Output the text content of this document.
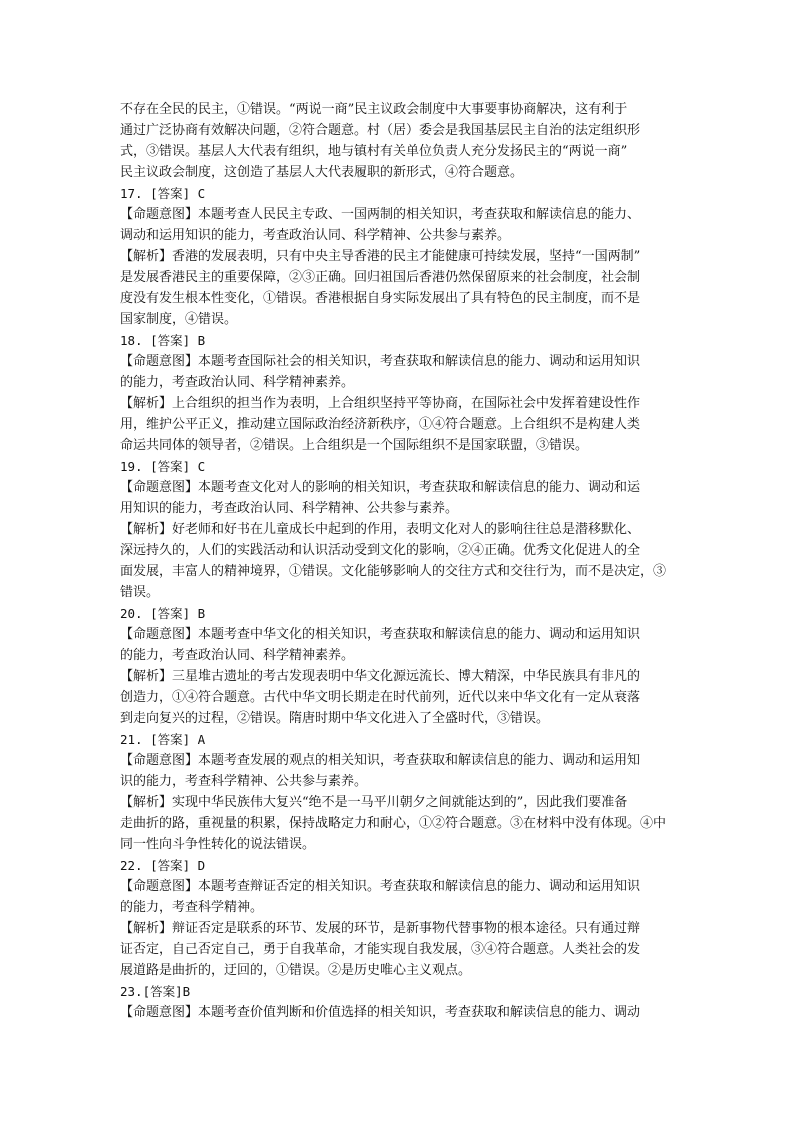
不存在全民的民主，①错误。“两说一商”民主议政会制度中大事要事协商解决，这有利于
通过广泛协商有效解决问题，②符合题意。村（居）委会是我国基层民主自治的法定组织形
式，③错误。基层人大代表有组织，地与镇村有关单位负责人充分发扬民主的“两说一商”
民主议政会制度，这创造了基层人大代表履职的新形式，④符合题意。
17. [答案] C
【命题意图】本题考查人民民主专政、一国两制的相关知识，考查获取和解读信息的能力、
调动和运用知识的能力，考查政治认同、科学精神、公共参与素养。
【解析】香港的发展表明，只有中央主导香港的民主才能健康可持续发展，坚持“一国两制”
是发展香港民主的重要保障，②③正确。回归祖国后香港仍然保留原来的社会制度，社会制
度没有发生根本性变化，①错误。香港根据自身实际发展出了具有特色的民主制度，而不是
国家制度，④错误。
18. [答案] B
【命题意图】本题考查国际社会的相关知识，考查获取和解读信息的能力、调动和运用知识
的能力，考查政治认同、科学精神素养。
【解析】上合组织的担当作为表明，上合组织坚持平等协商，在国际社会中发挥着建设性作
用，维护公平正义，推动建立国际政治经济新秩序，①④符合题意。上合组织不是构建人类
命运共同体的领导者，②错误。上合组织是一个国际组织不是国家联盟，③错误。
19. [答案] C
【命题意图】本题考查文化对人的影响的相关知识，考查获取和解读信息的能力、调动和运
用知识的能力，考查政治认同、科学精神、公共参与素养。
【解析】好老师和好书在儿童成长中起到的作用，表明文化对人的影响往往总是潜移默化、
深远持久的，人们的实践活动和认识活动受到文化的影响，②④正确。优秀文化促进人的全
面发展，丰富人的精神境界，①错误。文化能够影响人的交往方式和交往行为，而不是决定，③
错误。
20. [答案] B
【命题意图】本题考查中华文化的相关知识，考查获取和解读信息的能力、调动和运用知识
的能力，考查政治认同、科学精神素养。
【解析】三星堆古遗址的考古发现表明中华文化源远流长、博大精深，中华民族具有非凡的
创造力，①④符合题意。古代中华文明长期走在时代前列，近代以来中华文化有一定从衰落
到走向复兴的过程，②错误。隋唐时期中华文化进入了全盛时代，③错误。
21. [答案] A
【命题意图】本题考查发展的观点的相关知识，考查获取和解读信息的能力、调动和运用知
识的能力，考查科学精神、公共参与素养。
【解析】实现中华民族伟大复兴“绝不是一马平川朝夕之间就能达到的”，因此我们要准备
走曲折的路，重视量的积累，保持战略定力和耐心，①②符合题意。③在材料中没有体现。④中
同一性向斗争性转化的说法错误。
22. [答案] D
【命题意图】本题考查辩证否定的相关知识。考查获取和解读信息的能力、调动和运用知识
的能力，考查科学精神。
【解析】辩证否定是联系的环节、发展的环节，是新事物代替事物的根本途径。只有通过辩
证否定，自己否定自己，勇于自我革命，才能实现自我发展，③④符合题意。人类社会的发
展道路是曲折的，迂回的，①错误。②是历史唯心主义观点。
23.[答案]B
【命题意图】本题考查价值判断和价值选择的相关知识，考查获取和解读信息的能力、调动
